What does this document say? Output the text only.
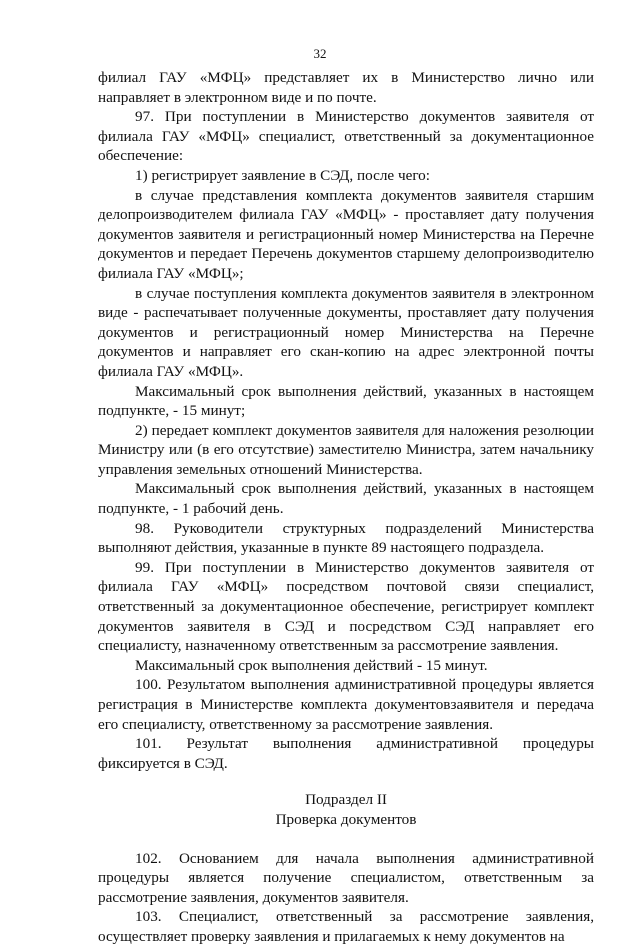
32

филиал ГАУ «МФЦ» представляет их в Министерство лично или направляет в электронном виде и по почте.

97. При поступлении в Министерство документов заявителя от филиала ГАУ «МФЦ» специалист, ответственный за документационное обеспечение:

1) регистрирует заявление в СЭД, после чего:

в случае представления комплекта документов заявителя старшим делопроизводителем филиала ГАУ «МФЦ» - проставляет дату получения документов заявителя и регистрационный номер Министерства на Перечне документов и передает Перечень документов старшему делопроизводителю филиала ГАУ «МФЦ»;

в случае поступления комплекта документов заявителя в электронном виде - распечатывает полученные документы, проставляет дату получения документов и регистрационный номер Министерства на Перечне документов и направляет его скан-копию на адрес электронной почты филиала ГАУ «МФЦ».

Максимальный срок выполнения действий, указанных в настоящем подпункте, - 15 минут;

2) передает комплект документов заявителя для наложения резолюции Министру или (в его отсутствие) заместителю Министра, затем начальнику управления земельных отношений Министерства.

Максимальный срок выполнения действий, указанных в настоящем подпункте, - 1 рабочий день.

98. Руководители структурных подразделений Министерства выполняют действия, указанные в пункте 89 настоящего подраздела.

99. При поступлении в Министерство документов заявителя от филиала ГАУ «МФЦ» посредством почтовой связи специалист, ответственный за документационное обеспечение, регистрирует комплект документов заявителя в СЭД и посредством СЭД направляет его специалисту, назначенному ответственным за рассмотрение заявления.

Максимальный срок выполнения действий - 15 минут.

100. Результатом выполнения административной процедуры является регистрация в Министерстве комплекта документовзаявителя и передача его специалисту, ответственному за рассмотрение заявления.

101. Результат выполнения административной процедуры фиксируется в СЭД.

Подраздел II
Проверка документов

102. Основанием для начала выполнения административной процедуры является получение специалистом, ответственным за рассмотрение заявления, документов заявителя.

103. Специалист, ответственный за рассмотрение заявления, осуществляет проверку заявления и прилагаемых к нему документов на
